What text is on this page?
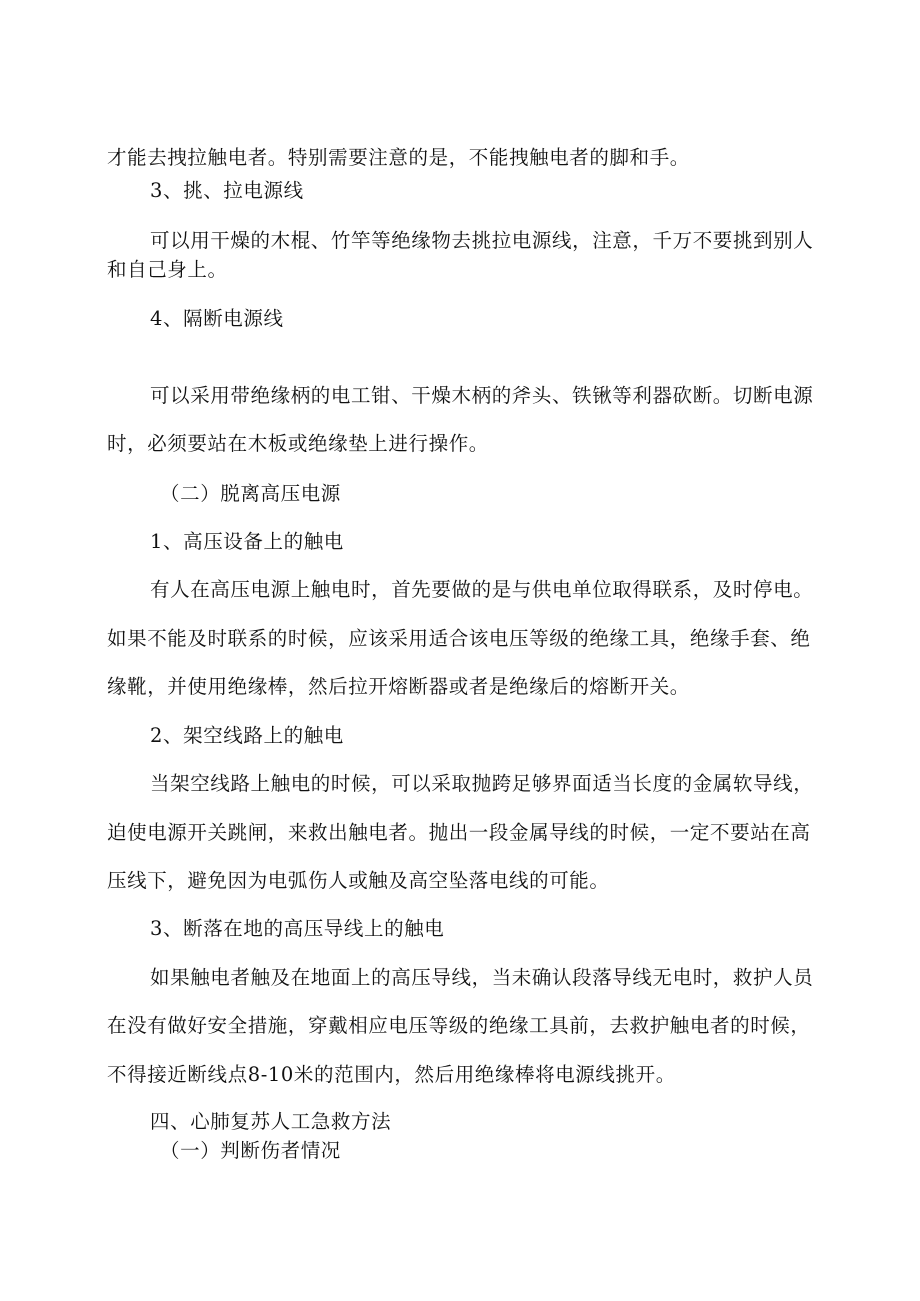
才能去拽拉触电者。特别需要注意的是，不能拽触电者的脚和手。
3、挑、拉电源线
可以用干燥的木棍、竹竿等绝缘物去挑拉电源线，注意，千万不要挑到别人
和自己身上。
4、隔断电源线
可以采用带绝缘柄的电工钳、干燥木柄的斧头、铁锹等利器砍断。切断电源
时，必须要站在木板或绝缘垫上进行操作。
（二）脱离高压电源
1、高压设备上的触电
有人在高压电源上触电时，首先要做的是与供电单位取得联系，及时停电。
如果不能及时联系的时候，应该采用适合该电压等级的绝缘工具，绝缘手套、绝
缘靴，并使用绝缘棒，然后拉开熔断器或者是绝缘后的熔断开关。
2、架空线路上的触电
当架空线路上触电的时候，可以采取抛跨足够界面适当长度的金属软导线，
迫使电源开关跳闸，来救出触电者。抛出一段金属导线的时候，一定不要站在高
压线下，避免因为电弧伤人或触及高空坠落电线的可能。
3、断落在地的高压导线上的触电
如果触电者触及在地面上的高压导线，当未确认段落导线无电时，救护人员
在没有做好安全措施，穿戴相应电压等级的绝缘工具前，去救护触电者的时候，
不得接近断线点8-10米的范围内，然后用绝缘棒将电源线挑开。
四、心肺复苏人工急救方法
（一）判断伤者情况
